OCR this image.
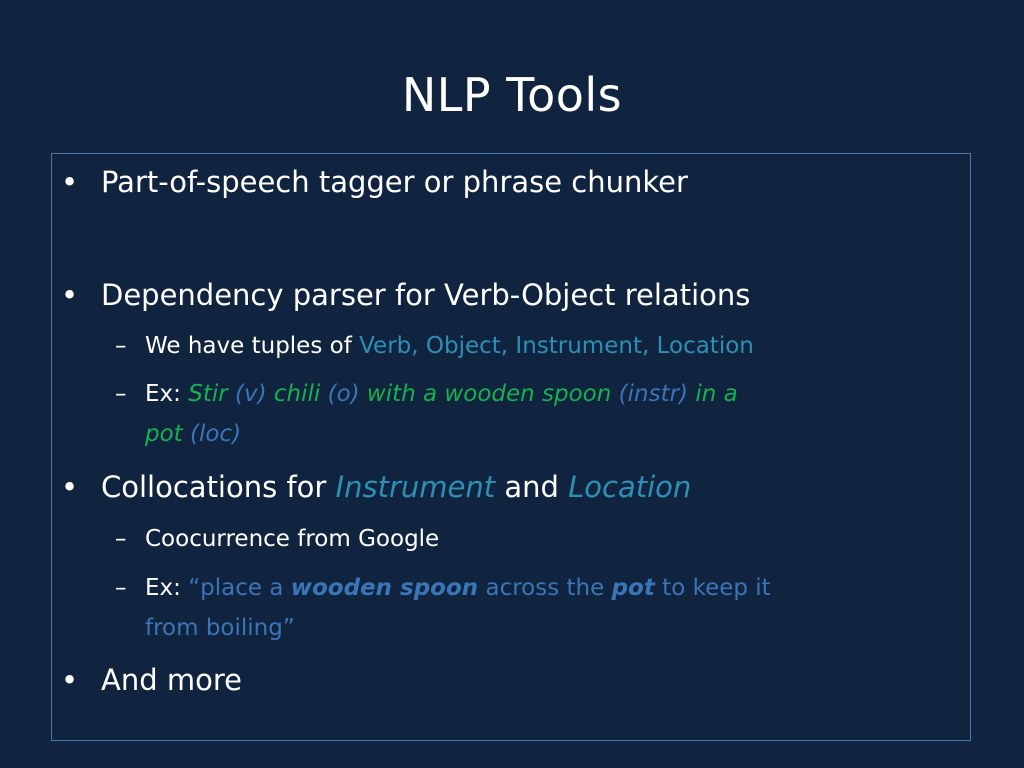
NLP Tools
• Part-of-speech tagger or phrase chunker
• Dependency parser for Verb-Object relations
– We have tuples of Verb, Object, Instrument, Location
– Ex: Stir (v) chili (o) with a wooden spoon (instr) in a
pot (loc)
• Collocations for Instrument and Location
– Coocurrence from Google
– Ex: “place a wooden spoon across the pot to keep it
from boiling”
• And more
